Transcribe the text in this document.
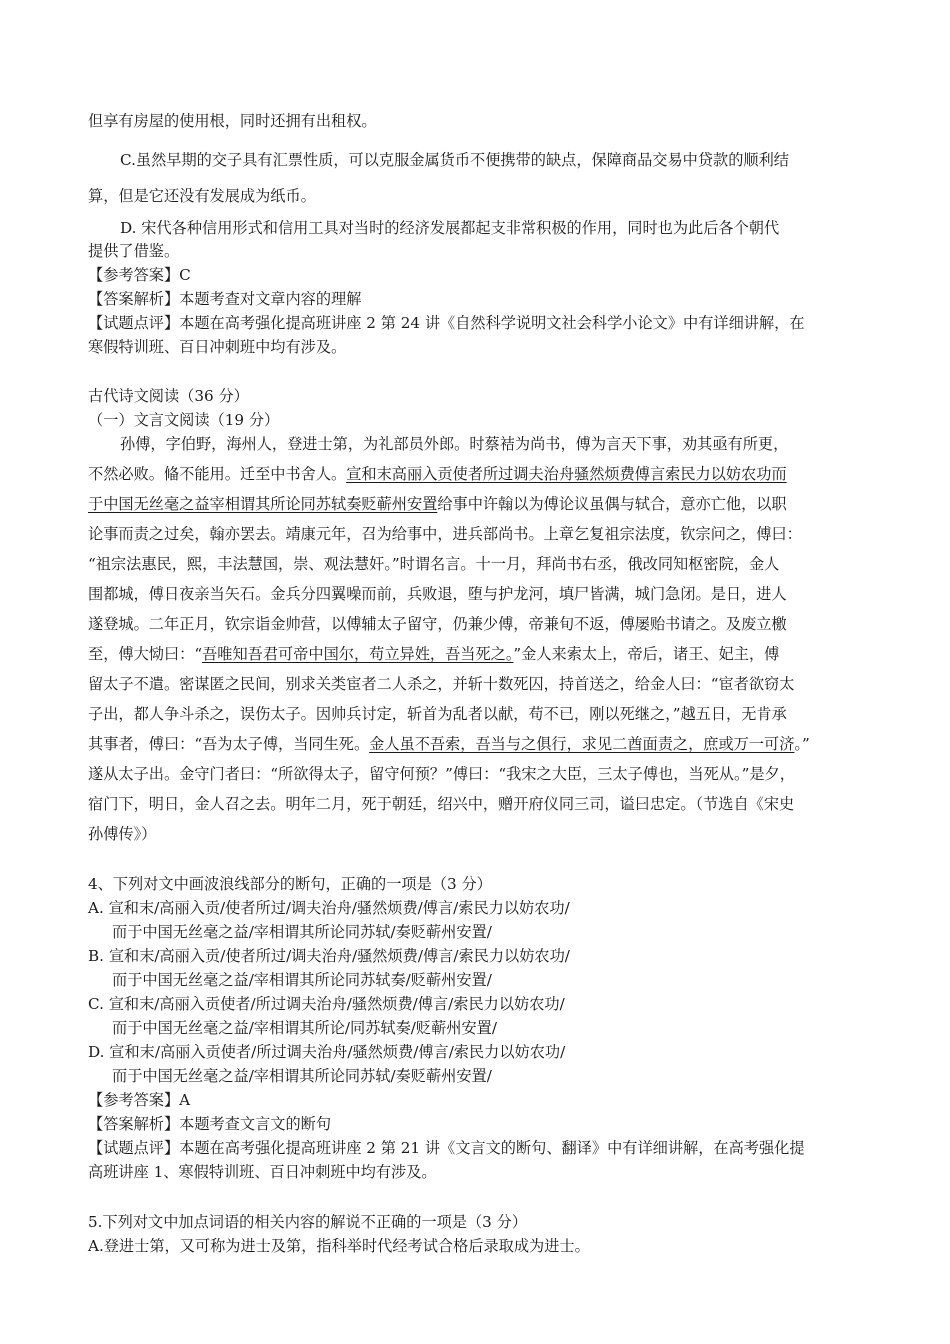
但享有房屋的使用根，同时还拥有出租权。
C.虽然早期的交子具有汇票性质，可以克服金属货币不便携带的缺点，保障商品交易中贷款的顺利结
算，但是它还没有发展成为纸币。
D. 宋代各种信用形式和信用工具对当时的经济发展都起支非常积极的作用，同时也为此后各个朝代
提供了借鉴。
【参考答案】C
【答案解析】本题考查对文章内容的理解
【试题点评】本题在高考强化提高班讲座 2 第 24 讲《自然科学说明文社会科学小论文》中有详细讲解，在
寒假特训班、百日冲刺班中均有涉及。
古代诗文阅读（36 分）
（一）文言文阅读（19 分）
孙傅，字伯野，海州人，登进士第，为礼部员外郎。时蔡袺为尚书，傅为言天下事，劝其亟有所更，
不然必败。偹不能用。迁至中书舍人。宣和末高丽入贡使者所过调夫治舟骚然烦费傅言索民力以妨农功而
于中国无丝毫之益宰相谓其所论同苏轼奏贬蕲州安置给事中许翰以为傅论议虽偶与轼合，意亦亡他，以职
论事而责之过矣，翰亦罢去。靖康元年，召为给事中，进兵部尚书。上章乞复祖宗法度，钦宗问之，傅曰：
“祖宗法惠民，熙，丰法慧国，崇、观法慧奸。”时谓名言。十一月，拜尚书右丞，俄改同知枢密院，金人
围都城，傅日夜亲当矢石。金兵分四翼噪而前，兵败退，堕与护龙河，填尸皆满，城门急闭。是日，进人
遂登城。二年正月，钦宗诣金帅营，以傅辅太子留守，仍兼少傅，帝兼旬不返，傅屡贻书请之。及废立檄
至，傅大恸曰：“吾唯知吾君可帝中国尔，苟立异姓，吾当死之。”金人来索太上，帝后，诸王、妃主，傅
留太子不遣。密谋匿之民间，别求关类宦者二人杀之，并斩十数死囚，持首送之，给金人曰：“宦者欲窃太
子出，都人争斗杀之，误伤太子。因帅兵讨定，斩首为乱者以献，苟不已，刚以死继之，”越五日，无肯承
其事者，傅曰：“吾为太子傅，当同生死。金人虽不吾索，吾当与之俱行，求见二酋面责之，庶或万一可济。”
遂从太子出。金守门者曰：“所欲得太子，留守何预？”傅曰：“我宋之大臣，三太子傅也，当死从。”是夕，
宿门下，明日，金人召之去。明年二月，死于朝廷，绍兴中，赠开府仪同三司，谥曰忠定。（节选自《宋史
孙傅传》）
4、下列对文中画波浪线部分的断句，正确的一项是（3 分）
A. 宣和末/高丽入贡/使者所过/调夫治舟/骚然烦费/傅言/索民力以妨农功/
而于中国无丝毫之益/宰相谓其所论同苏轼/奏贬蕲州安置/
B. 宣和末/高丽入贡/使者所过/调夫治舟/骚然烦费/傅言/索民力以妨农功/
而于中国无丝毫之益/宰相谓其所论同苏轼奏/贬蕲州安置/
C. 宣和末/高丽入贡使者/所过调夫治舟/骚然烦费/傅言/索民力以妨农功/
而于中国无丝毫之益/宰相谓其所论/同苏轼奏/贬蕲州安置/
D. 宣和末/高丽入贡使者/所过调夫治舟/骚然烦费/傅言/索民力以妨农功/
而于中国无丝毫之益/宰相谓其所论同苏轼/奏贬蕲州安置/
【参考答案】A
【答案解析】本题考查文言文的断句
【试题点评】本题在高考强化提高班讲座 2 第 21 讲《文言文的断句、翻译》中有详细讲解，在高考强化提
高班讲座 1、寒假特训班、百日冲刺班中均有涉及。
5.下列对文中加点词语的相关内容的解说不正确的一项是（3 分）
A.登进士第，又可称为进士及第，指科举时代经考试合格后录取成为进士。
